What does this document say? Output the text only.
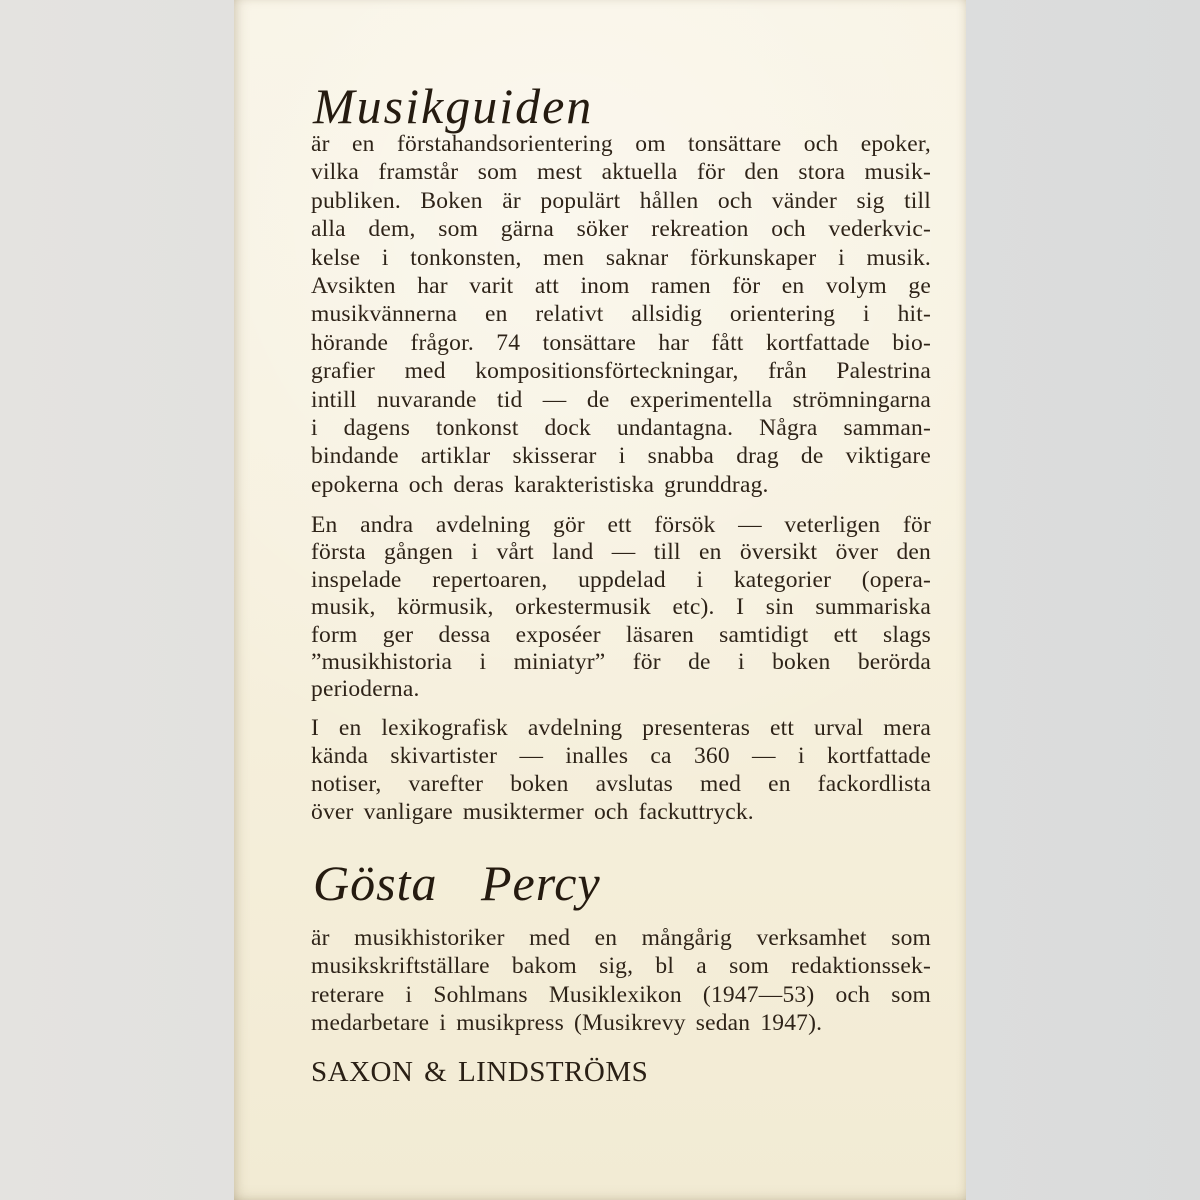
Musikguiden
är en förstahandsorientering om tonsättare och epoker,
vilka framstår som mest aktuella för den stora musik-
publiken. Boken är populärt hållen och vänder sig till
alla dem, som gärna söker rekreation och vederkvic-
kelse i tonkonsten, men saknar förkunskaper i musik.
Avsikten har varit att inom ramen för en volym ge
musikvännerna en relativt allsidig orientering i hit-
hörande frågor. 74 tonsättare har fått kortfattade bio-
grafier med kompositionsförteckningar, från Palestrina
intill nuvarande tid — de experimentella strömningarna
i dagens tonkonst dock undantagna. Några samman-
bindande artiklar skisserar i snabba drag de viktigare
epokerna och deras karakteristiska grunddrag.
En andra avdelning gör ett försök — veterligen för
första gången i vårt land — till en översikt över den
inspelade repertoaren, uppdelad i kategorier (opera-
musik, körmusik, orkestermusik etc). I sin summariska
form ger dessa exposéer läsaren samtidigt ett slags
”musikhistoria i miniatyr” för de i boken berörda
perioderna.
I en lexikografisk avdelning presenteras ett urval mera
kända skivartister — inalles ca 360 — i kortfattade
notiser, varefter boken avslutas med en fackordlista
över vanligare musiktermer och fackuttryck.
Gösta Percy
är musikhistoriker med en mångårig verksamhet som
musikskriftställare bakom sig, bl a som redaktionssek-
reterare i Sohlmans Musiklexikon (1947—53) och som
medarbetare i musikpress (Musikrevy sedan 1947).
SAXON & LINDSTRÖMS
